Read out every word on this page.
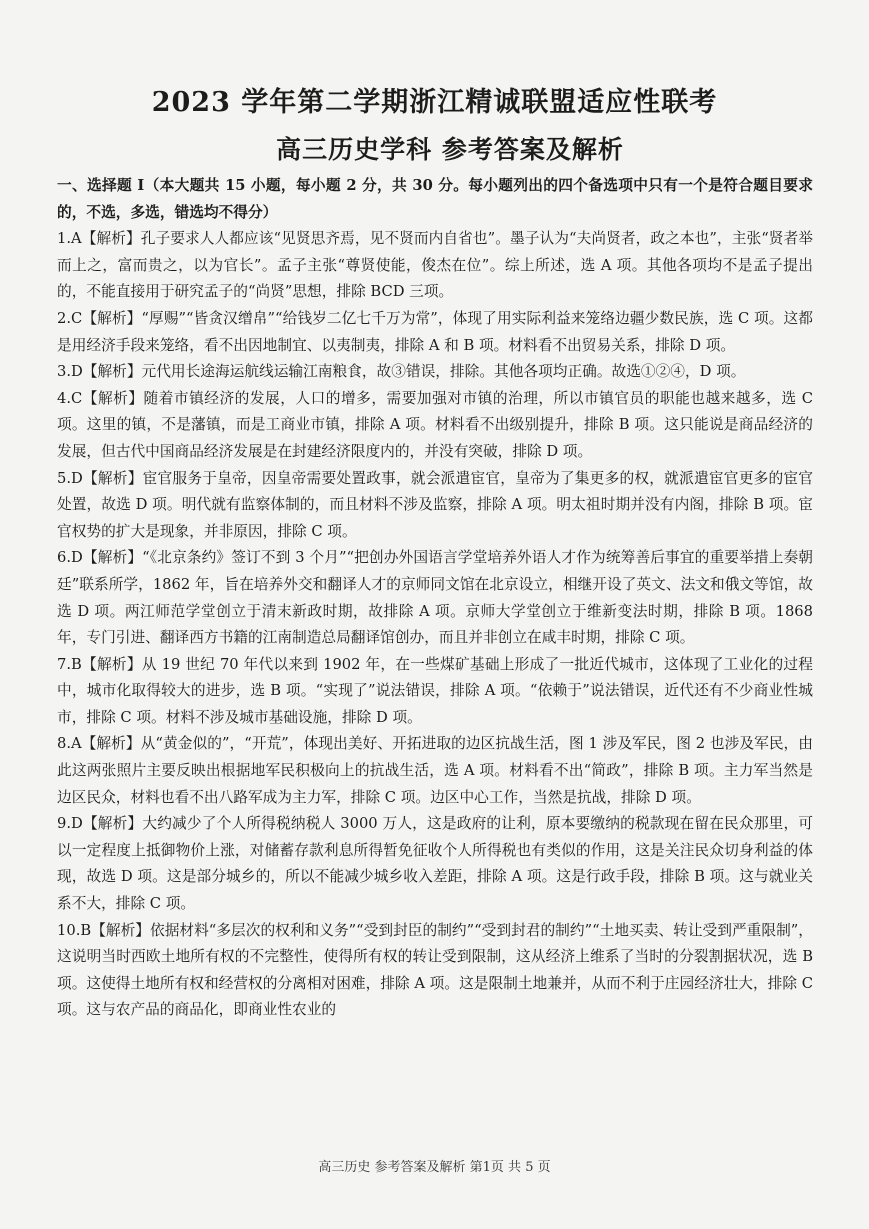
2023 学年第二学期浙江精诚联盟适应性联考
高三历史学科 参考答案及解析

一、选择题 I（本大题共 15 小题，每小题 2 分，共 30 分。每小题列出的四个备选项中只有一个是符合题目要求的，不选，多选，错选均不得分）

1.A【解析】孔子要求人人都应该“见贤思齐焉，见不贤而内自省也”。墨子认为“夫尚贤者，政之本也”，主张“贤者举而上之，富而贵之，以为官长”。孟子主张“尊贤使能，俊杰在位”。综上所述，选 A 项。其他各项均不是孟子提出的，不能直接用于研究孟子的“尚贤”思想，排除 BCD 三项。

2.C【解析】“厚赐”“皆贪汉缯帛”“给钱岁二亿七千万为常”，体现了用实际利益来笼络边疆少数民族，选 C 项。这都是用经济手段来笼络，看不出因地制宜、以夷制夷，排除 A 和 B 项。材料看不出贸易关系，排除 D 项。

3.D【解析】元代用长途海运航线运输江南粮食，故③错误，排除。其他各项均正确。故选①②④，D 项。

4.C【解析】随着市镇经济的发展，人口的增多，需要加强对市镇的治理，所以市镇官员的职能也越来越多，选 C 项。这里的镇，不是藩镇，而是工商业市镇，排除 A 项。材料看不出级别提升，排除 B 项。这只能说是商品经济的发展，但古代中国商品经济发展是在封建经济限度内的，并没有突破，排除 D 项。

5.D【解析】宦官服务于皇帝，因皇帝需要处置政事，就会派遣宦官，皇帝为了集更多的权，就派遣宦官更多的宦官处置，故选 D 项。明代就有监察体制的，而且材料不涉及监察，排除 A 项。明太祖时期并没有内阁，排除 B 项。宦官权势的扩大是现象，并非原因，排除 C 项。

6.D【解析】“《北京条约》签订不到 3 个月”“把创办外国语言学堂培养外语人才作为统筹善后事宜的重要举措上奏朝廷”联系所学，1862 年，旨在培养外交和翻译人才的京师同文馆在北京设立，相继开设了英文、法文和俄文等馆，故选 D 项。两江师范学堂创立于清末新政时期，故排除 A 项。京师大学堂创立于维新变法时期，排除 B 项。1868 年，专门引进、翻译西方书籍的江南制造总局翻译馆创办，而且并非创立在咸丰时期，排除 C 项。

7.B【解析】从 19 世纪 70 年代以来到 1902 年，在一些煤矿基础上形成了一批近代城市，这体现了工业化的过程中，城市化取得较大的进步，选 B 项。“实现了”说法错误，排除 A 项。“依赖于”说法错误，近代还有不少商业性城市，排除 C 项。材料不涉及城市基础设施，排除 D 项。

8.A【解析】从“黄金似的”，“开荒”，体现出美好、开拓进取的边区抗战生活，图 1 涉及军民，图 2 也涉及军民，由此这两张照片主要反映出根据地军民积极向上的抗战生活，选 A 项。材料看不出“简政”，排除 B 项。主力军当然是边区民众，材料也看不出八路军成为主力军，排除 C 项。边区中心工作，当然是抗战，排除 D 项。

9.D【解析】大约减少了个人所得税纳税人 3000 万人，这是政府的让利，原本要缴纳的税款现在留在民众那里，可以一定程度上抵御物价上涨，对储蓄存款利息所得暂免征收个人所得税也有类似的作用，这是关注民众切身利益的体现，故选 D 项。这是部分城乡的，所以不能减少城乡收入差距，排除 A 项。这是行政手段，排除 B 项。这与就业关系不大，排除 C 项。

10.B【解析】依据材料“多层次的权利和义务”“受到封臣的制约”“受到封君的制约”“土地买卖、转让受到严重限制”，这说明当时西欧土地所有权的不完整性，使得所有权的转让受到限制，这从经济上维系了当时的分裂割据状况，选 B 项。这使得土地所有权和经营权的分离相对困难，排除 A 项。这是限制土地兼并，从而不利于庄园经济壮大，排除 C 项。这与农产品的商品化，即商业性农业的

高三历史 参考答案及解析 第1页 共 5 页
